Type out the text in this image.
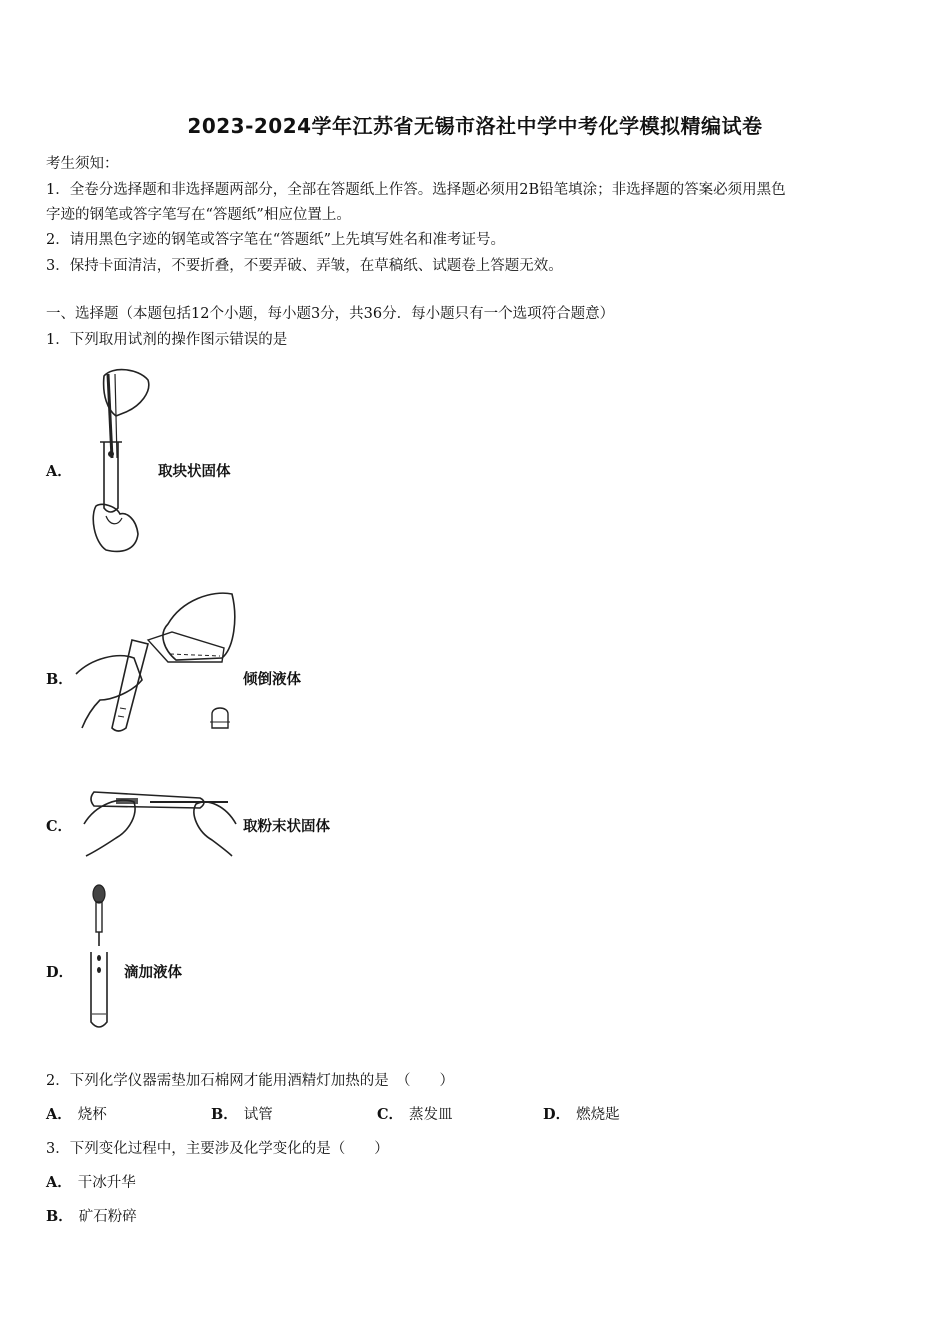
2023-2024学年江苏省无锡市洛社中学中考化学模拟精编试卷
考生须知：
1．全卷分选择题和非选择题两部分，全部在答题纸上作答。选择题必须用2B铅笔填涂；非选择题的答案必须用黑色
字迹的钢笔或答字笔写在“答题纸”相应位置上。
2．请用黑色字迹的钢笔或答字笔在“答题纸”上先填写姓名和准考证号。
3．保持卡面清洁，不要折叠，不要弄破、弄皱，在草稿纸、试题卷上答题无效。
一、选择题（本题包括12个小题，每小题3分，共36分．每小题只有一个选项符合题意）
1．下列取用试剂的操作图示错误的是
A．	取块状固体
B．	倾倒液体
C．	取粉末状固体
D．	滴加液体
2．下列化学仪器需垫加石棉网才能用酒精灯加热的是　（　　）
A． 烧杯	B． 试管	C． 蒸发皿	D． 燃烧匙
3．下列变化过程中，主要涉及化学变化的是（　　）
A． 干冰升华
B． 矿石粉碎
